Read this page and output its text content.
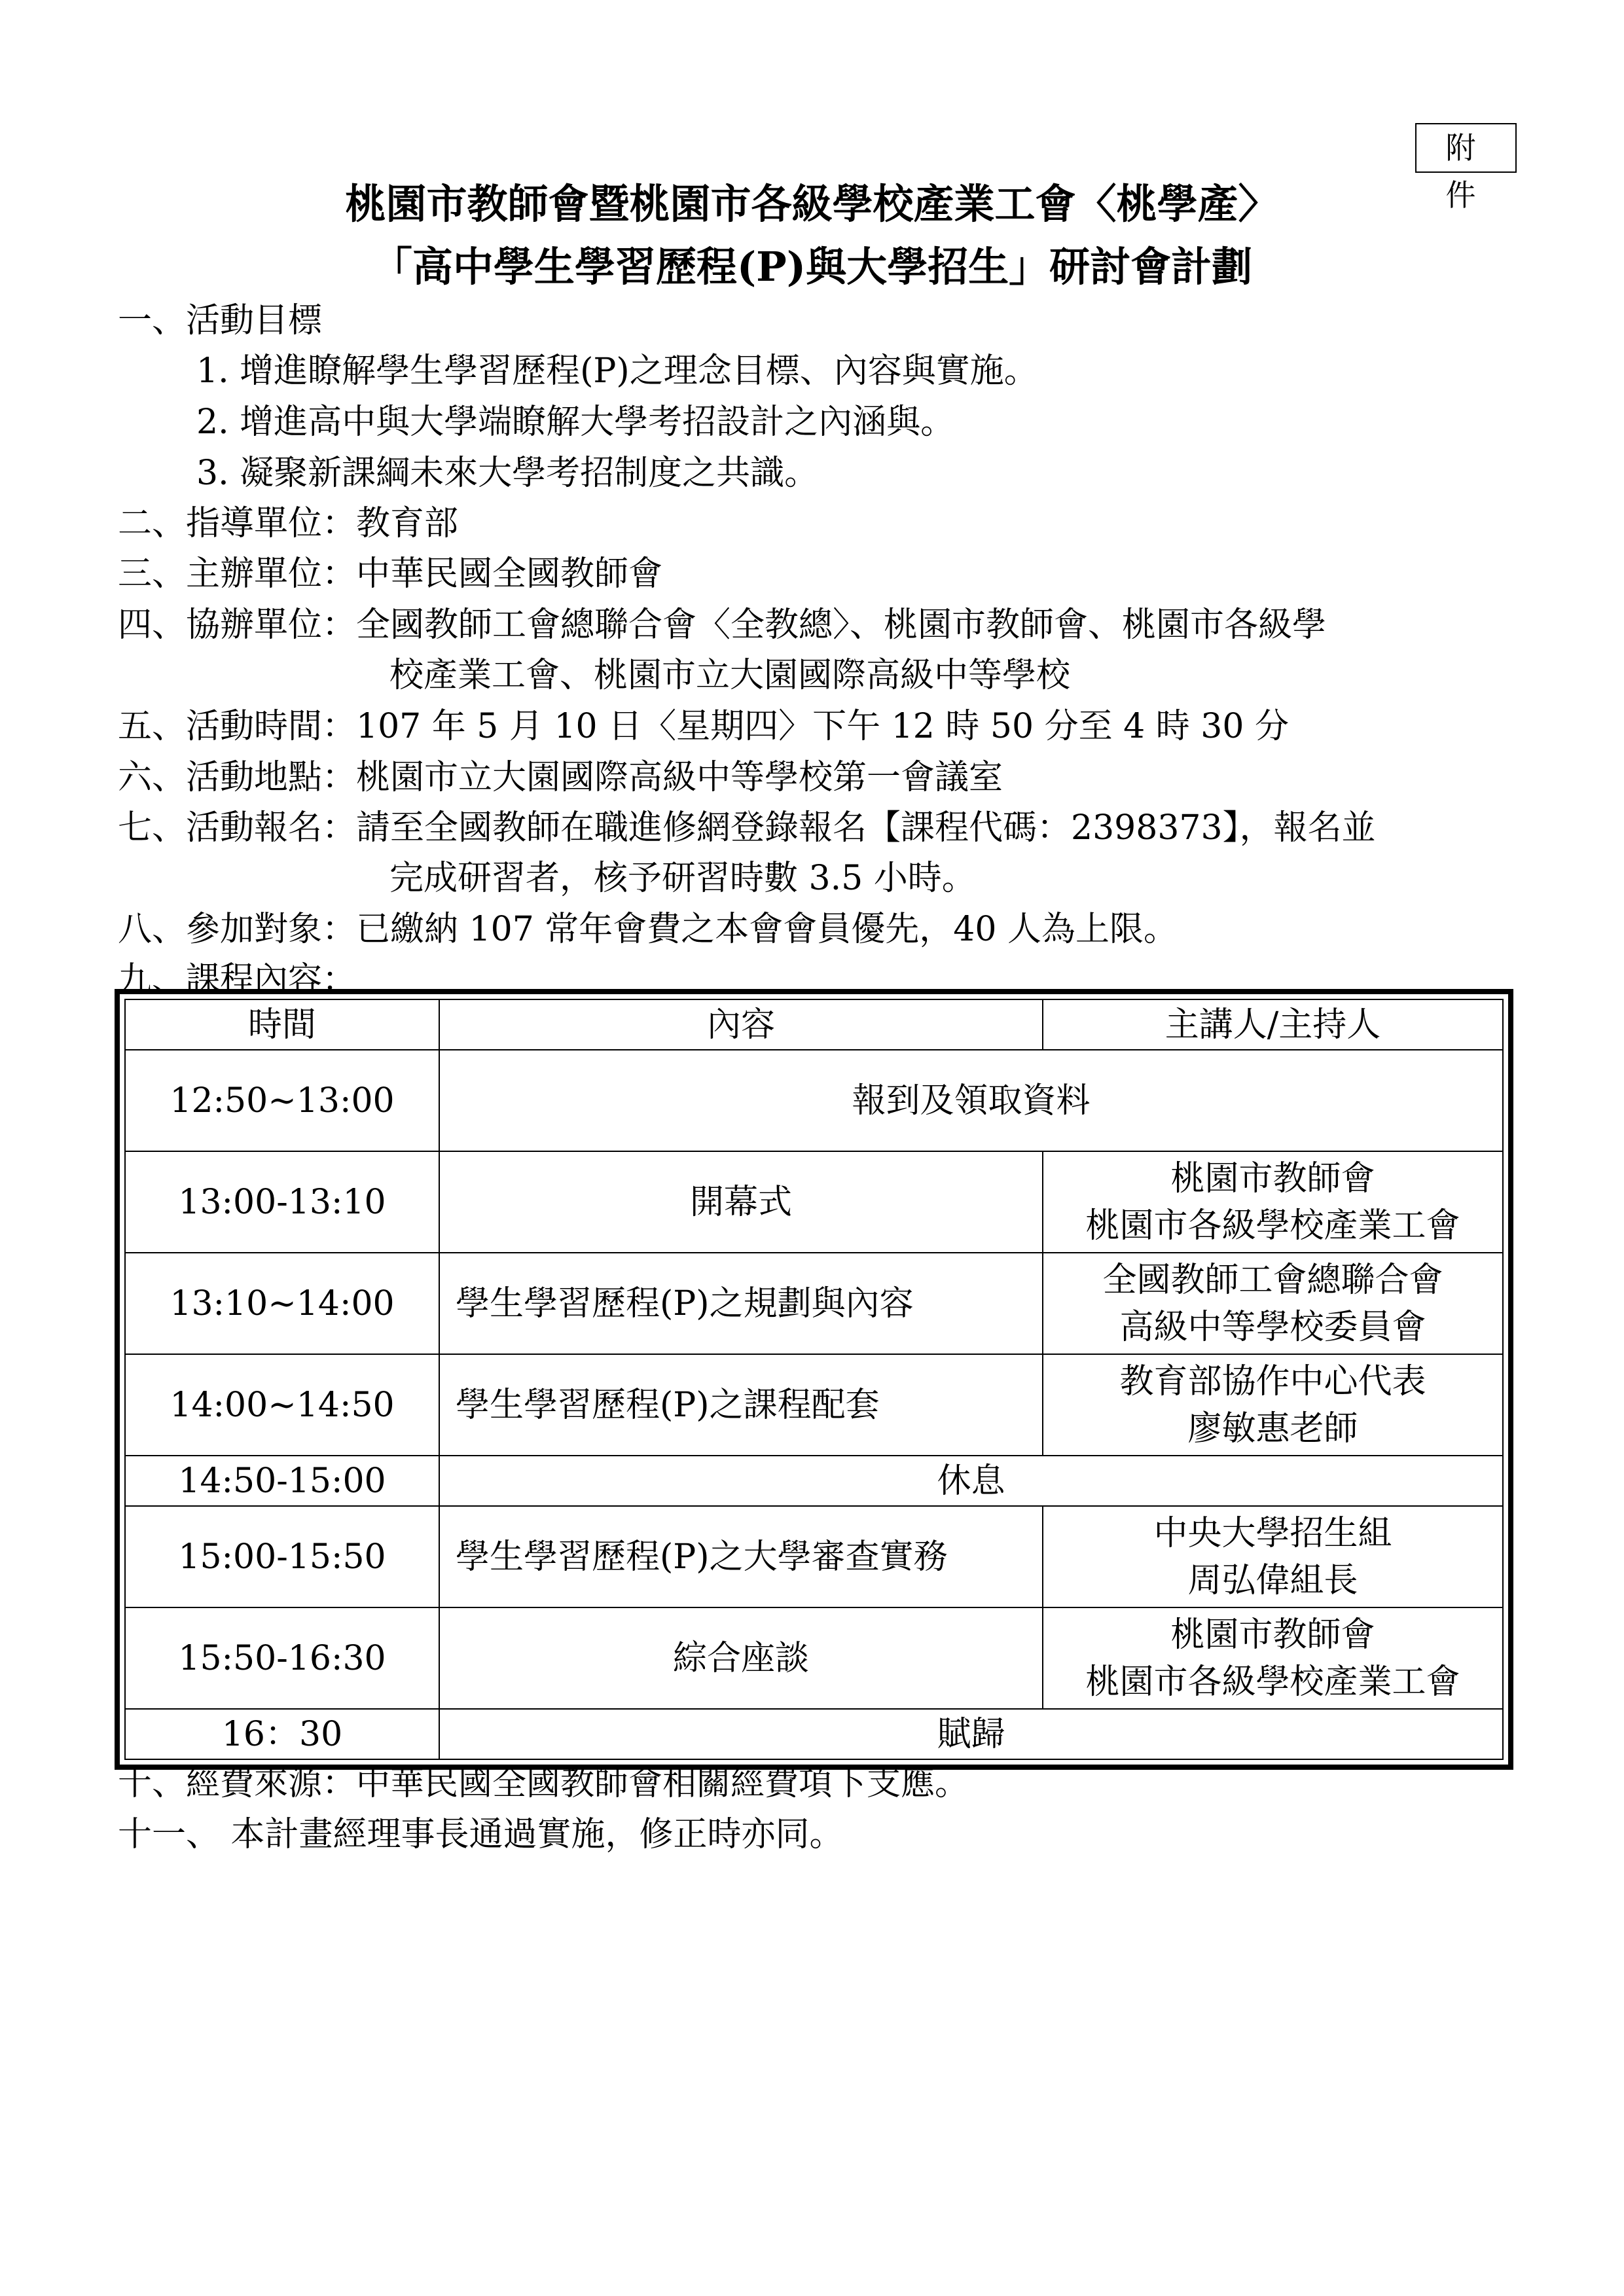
附 件
桃園市教師會暨桃園市各級學校產業工會〈桃學產〉
「高中學生學習歷程(P)與大學招生」研討會計劃
一、活動目標
1. 增進瞭解學生學習歷程(P)之理念目標、內容與實施。
2. 增進高中與大學端瞭解大學考招設計之內涵與。
3. 凝聚新課綱未來大學考招制度之共識。
二、指導單位：教育部
三、主辦單位：中華民國全國教師會
四、協辦單位：全國教師工會總聯合會〈全教總〉、桃園市教師會、桃園市各級學
校產業工會、桃園市立大園國際高級中等學校
五、活動時間：107 年 5 月 10 日〈星期四〉下午 12 時 50 分至 4 時 30 分
六、活動地點：桃園市立大園國際高級中等學校第一會議室
七、活動報名：請至全國教師在職進修網登錄報名【課程代碼：2398373】，報名並
完成研習者，核予研習時數 3.5 小時。
八、參加對象：已繳納 107 常年會費之本會會員優先，40 人為上限。
九、課程內容：
時間	內容	主講人/主持人
12:50~13:00	報到及領取資料	
13:00-13:10	開幕式	桃園市教師會
桃園市各級學校產業工會

13:10~14:00	學生學習歷程(P)之規劃與內容	全國教師工會總聯合會
高級中等學校委員會

14:00~14:50	學生學習歷程(P)之課程配套	教育部協作中心代表
廖敏惠老師

14:50-15:00	休息	
15:00-15:50	學生學習歷程(P)之大學審查實務	中央大學招生組
周弘偉組長

15:50-16:30	綜合座談	桃園市教師會
桃園市各級學校產業工會

16：30	賦歸	
十、經費來源：中華民國全國教師會相關經費項下支應。
十一、 本計畫經理事長通過實施，修正時亦同。
